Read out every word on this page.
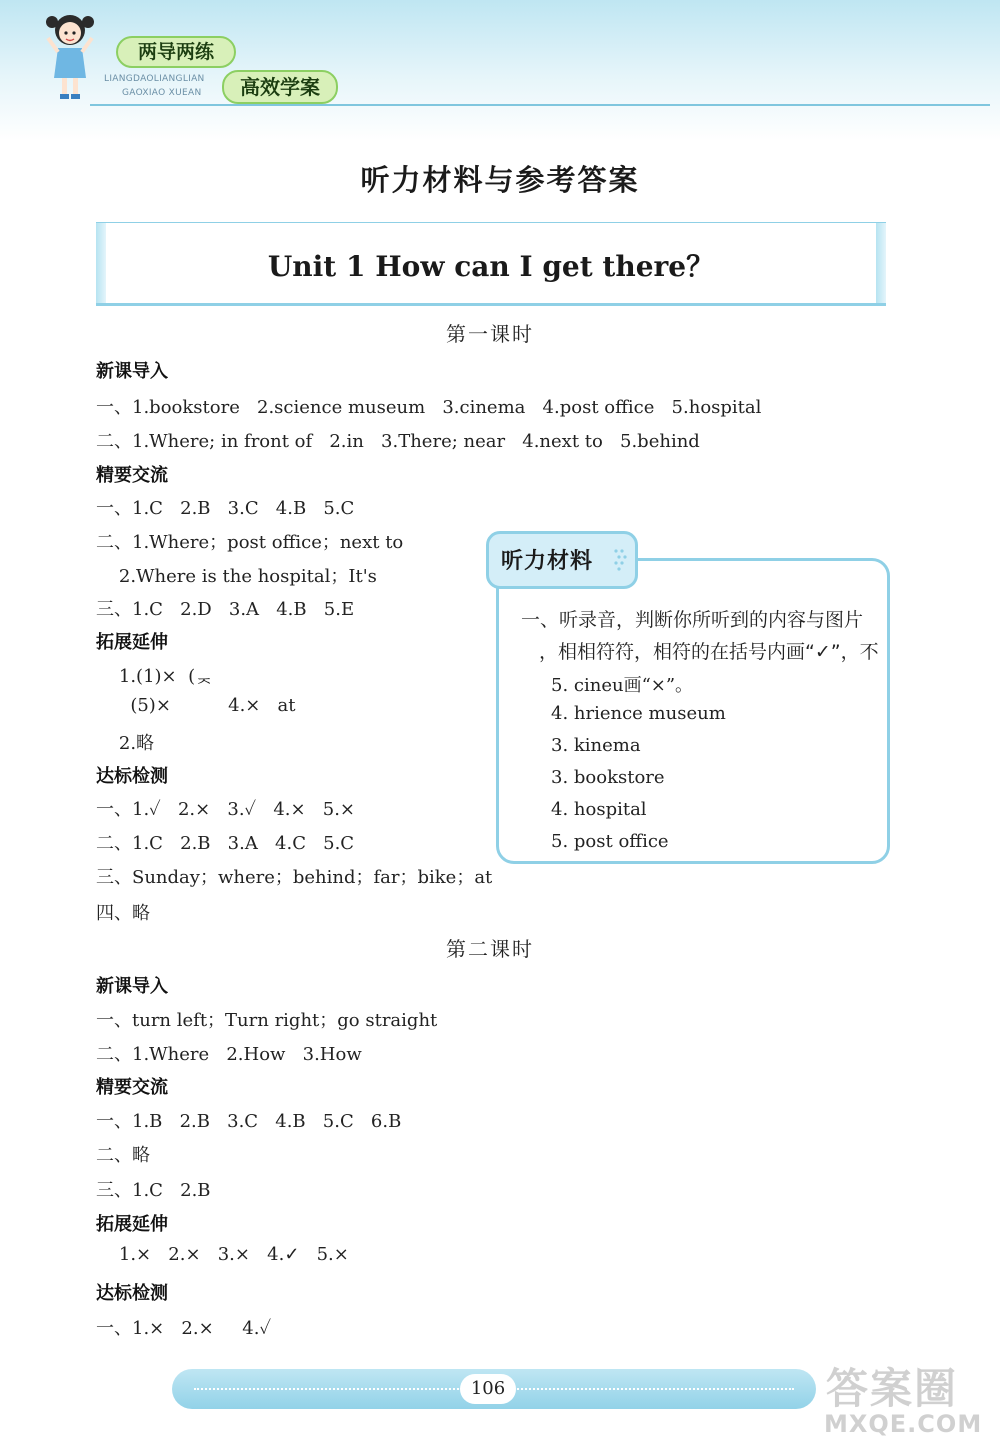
两导两练
LIANGDAOLIANGLIAN
GAOXIAO XUEAN	高效学案
听力材料与参考答案
Unit 1 How can I get there？
第一课时
新课导入
一、1.bookstore   2.science museum   3.cinema   4.post office   5.hospital
二、1.Where; in front of   2.in   3.There; near   4.next to   5.behind
精要交流
一、1.C   2.B   3.C   4.B   5.C
二、1.Where；post office；next to
2.Where is the hospital；It's
三、1.C   2.D   3.A   4.B   5.E
拓展延伸
1.(1)×  (ᆽ
(5)×          4.×   at
2.略
达标检测
一、1.✓   2.×   3.✓   4.×   5.×
二、1.C   2.B   3.A   4.C   5.C
三、Sunday；where；behind；far；bike；at
四、略
一、听录音，判断你所听到的内容与图片
，相相符符，相符的在括号内画“✓”，不
5. cineu画“×”。
4. hrience museum
3. kinema
3. bookstore
4. hospital
5. post office
听力材料
第二课时
新课导入
一、turn left；Turn right；go straight
二、1.Where   2.How   3.How
精要交流
一、1.B   2.B   3.C   4.B   5.C   6.B
二、略
三、1.C   2.B
拓展延伸
1.×   2.×   3.×   4.✓   5.×
达标检测
一、1.×   2.×     4.✓
106	答案圈
MXQE.COM
